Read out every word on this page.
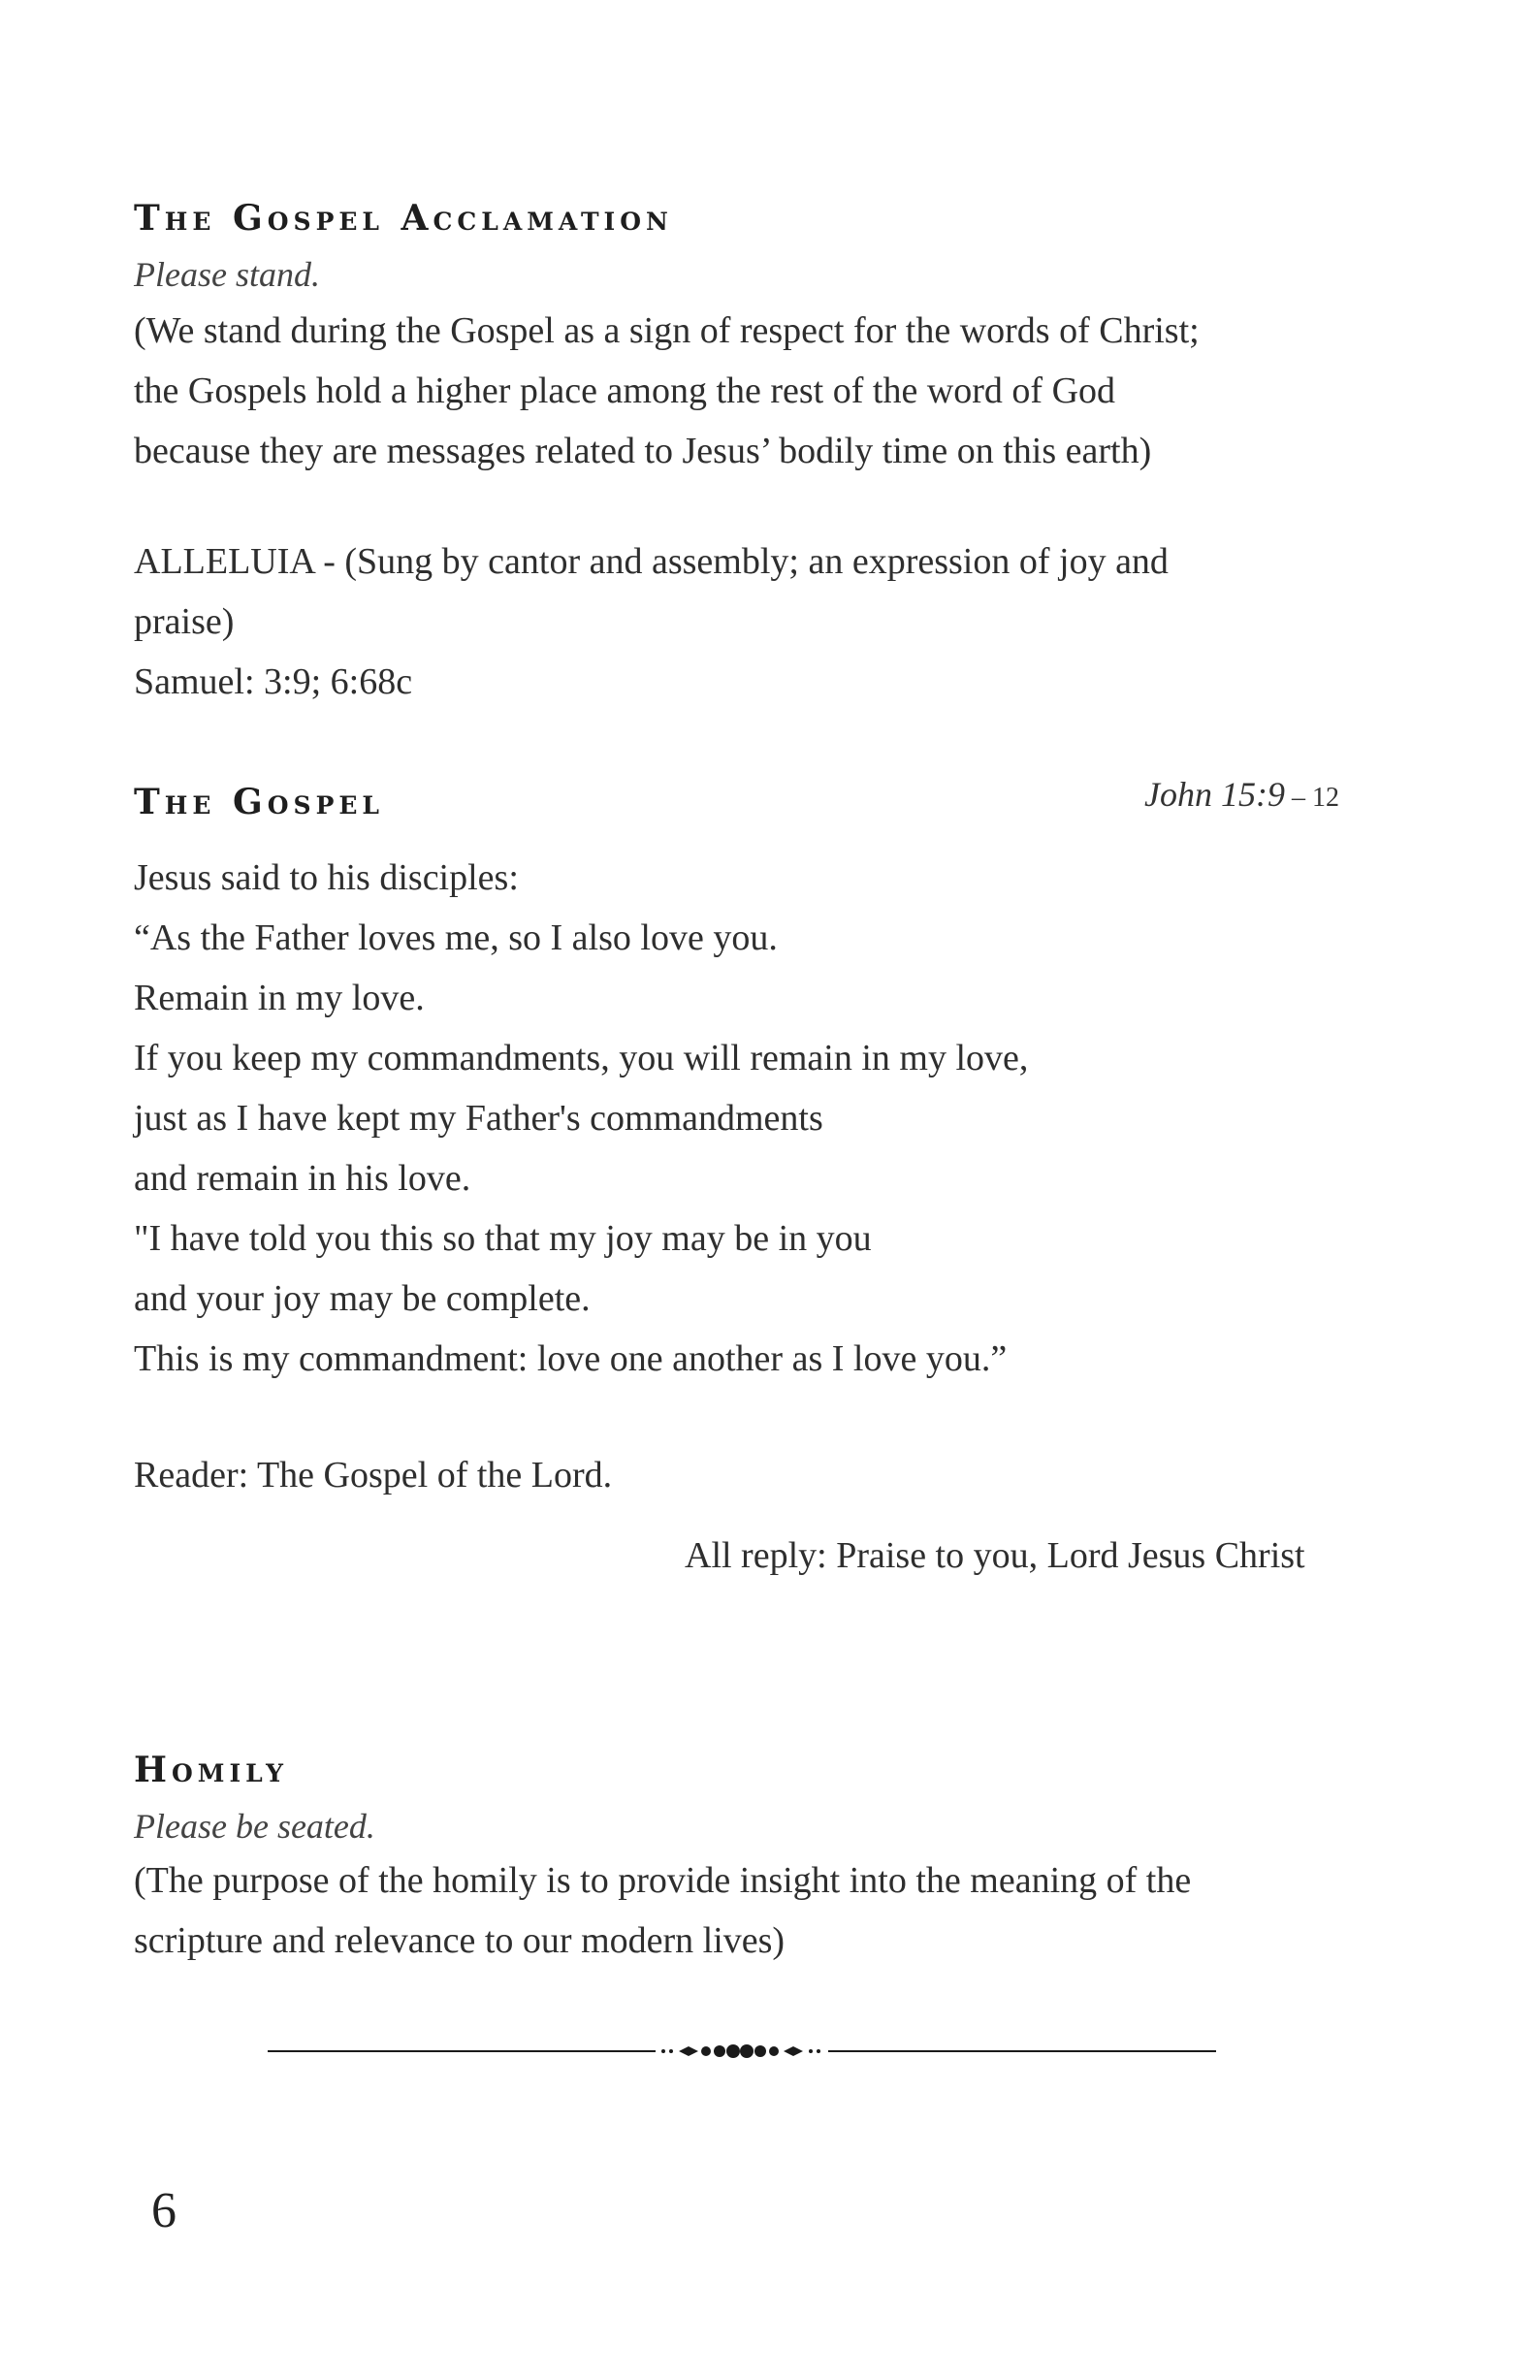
The Gospel Acclamation
Please stand.
(We stand during the Gospel as a sign of respect for the words of Christ;
the Gospels hold a higher place among the rest of the word of God
because they are messages related to Jesus’ bodily time on this earth)
ALLELUIA - (Sung by cantor and assembly; an expression of joy and
praise)
Samuel: 3:9; 6:68c
The Gospel	John 15:9 – 12
Jesus said to his disciples:
“As the Father loves me, so I also love you.
Remain in my love.
If you keep my commandments, you will remain in my love,
just as I have kept my Father's commandments
and remain in his love.
"I have told you this so that my joy may be in you
and your joy may be complete.
This is my commandment: love one another as I love you.”
Reader: The Gospel of the Lord.
All reply: Praise to you, Lord Jesus Christ
Homily
Please be seated.
(The purpose of the homily is to provide insight into the meaning of the
scripture and relevance to our modern lives)
6
